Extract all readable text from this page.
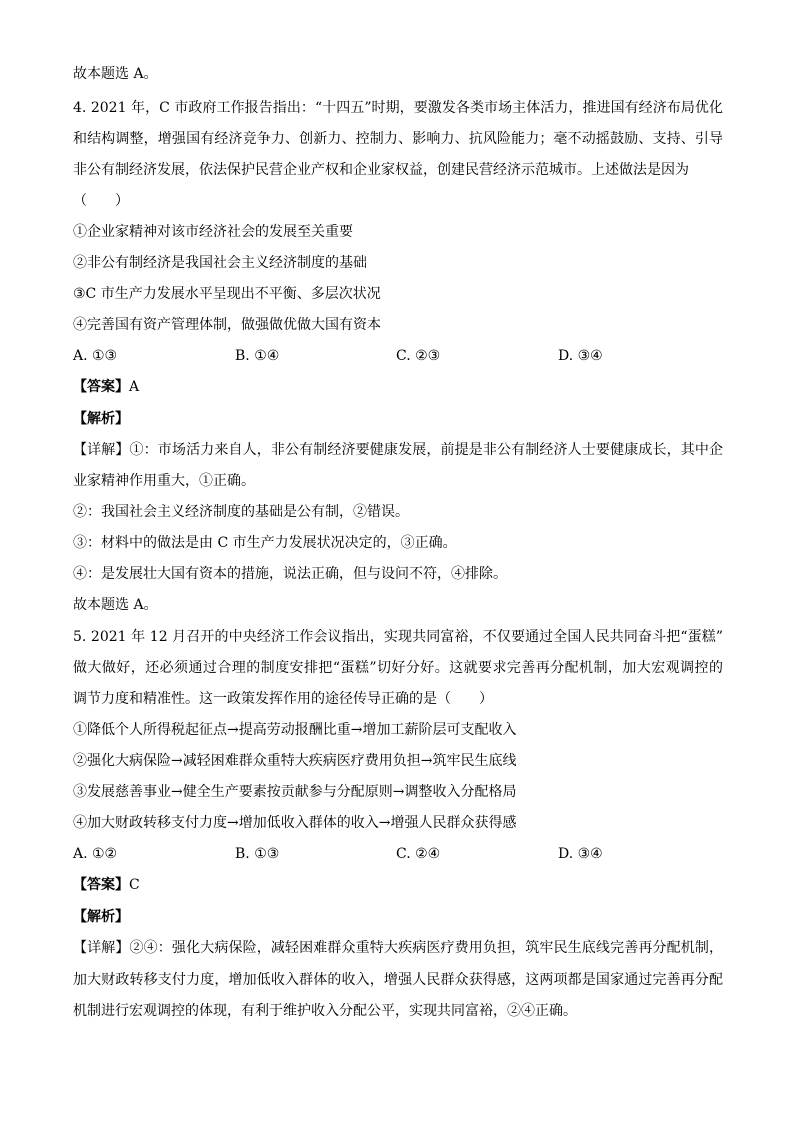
故本题选 A。
4. 2021 年，C 市政府工作报告指出：“十四五”时期，要激发各类市场主体活力，推进国有经济布局优化
和结构调整，增强国有经济竞争力、创新力、控制力、影响力、抗风险能力；毫不动摇鼓励、支持、引导
非公有制经济发展，依法保护民营企业产权和企业家权益，创建民营经济示范城市。上述做法是因为
（　　）
①企业家精神对该市经济社会的发展至关重要
②非公有制经济是我国社会主义经济制度的基础
③C 市生产力发展水平呈现出不平衡、多层次状况
④完善国有资产管理体制，做强做优做大国有资本
A. ①③	B. ①④	C. ②③	D. ③④
【答案】A
【解析】
【详解】①：市场活力来自人，非公有制经济要健康发展，前提是非公有制经济人士要健康成长，其中企
业家精神作用重大，①正确。
②：我国社会主义经济制度的基础是公有制，②错误。
③：材料中的做法是由 C 市生产力发展状况决定的，③正确。
④：是发展壮大国有资本的措施，说法正确，但与设问不符，④排除。
故本题选 A。
5. 2021 年 12 月召开的中央经济工作会议指出，实现共同富裕，不仅要通过全国人民共同奋斗把“蛋糕”
做大做好，还必须通过合理的制度安排把“蛋糕”切好分好。这就要求完善再分配机制，加大宏观调控的
调节力度和精准性。这一政策发挥作用的途径传导正确的是（　　）
①降低个人所得税起征点→提高劳动报酬比重→增加工薪阶层可支配收入
②强化大病保险→减轻困难群众重特大疾病医疗费用负担→筑牢民生底线
③发展慈善事业→健全生产要素按贡献参与分配原则→调整收入分配格局
④加大财政转移支付力度→增加低收入群体的收入→增强人民群众获得感
A. ①②	B. ①③	C. ②④	D. ③④
【答案】C
【解析】
【详解】②④：强化大病保险，减轻困难群众重特大疾病医疗费用负担，筑牢民生底线完善再分配机制，
加大财政转移支付力度，增加低收入群体的收入，增强人民群众获得感，这两项都是国家通过完善再分配
机制进行宏观调控的体现，有利于维护收入分配公平，实现共同富裕，②④正确。
